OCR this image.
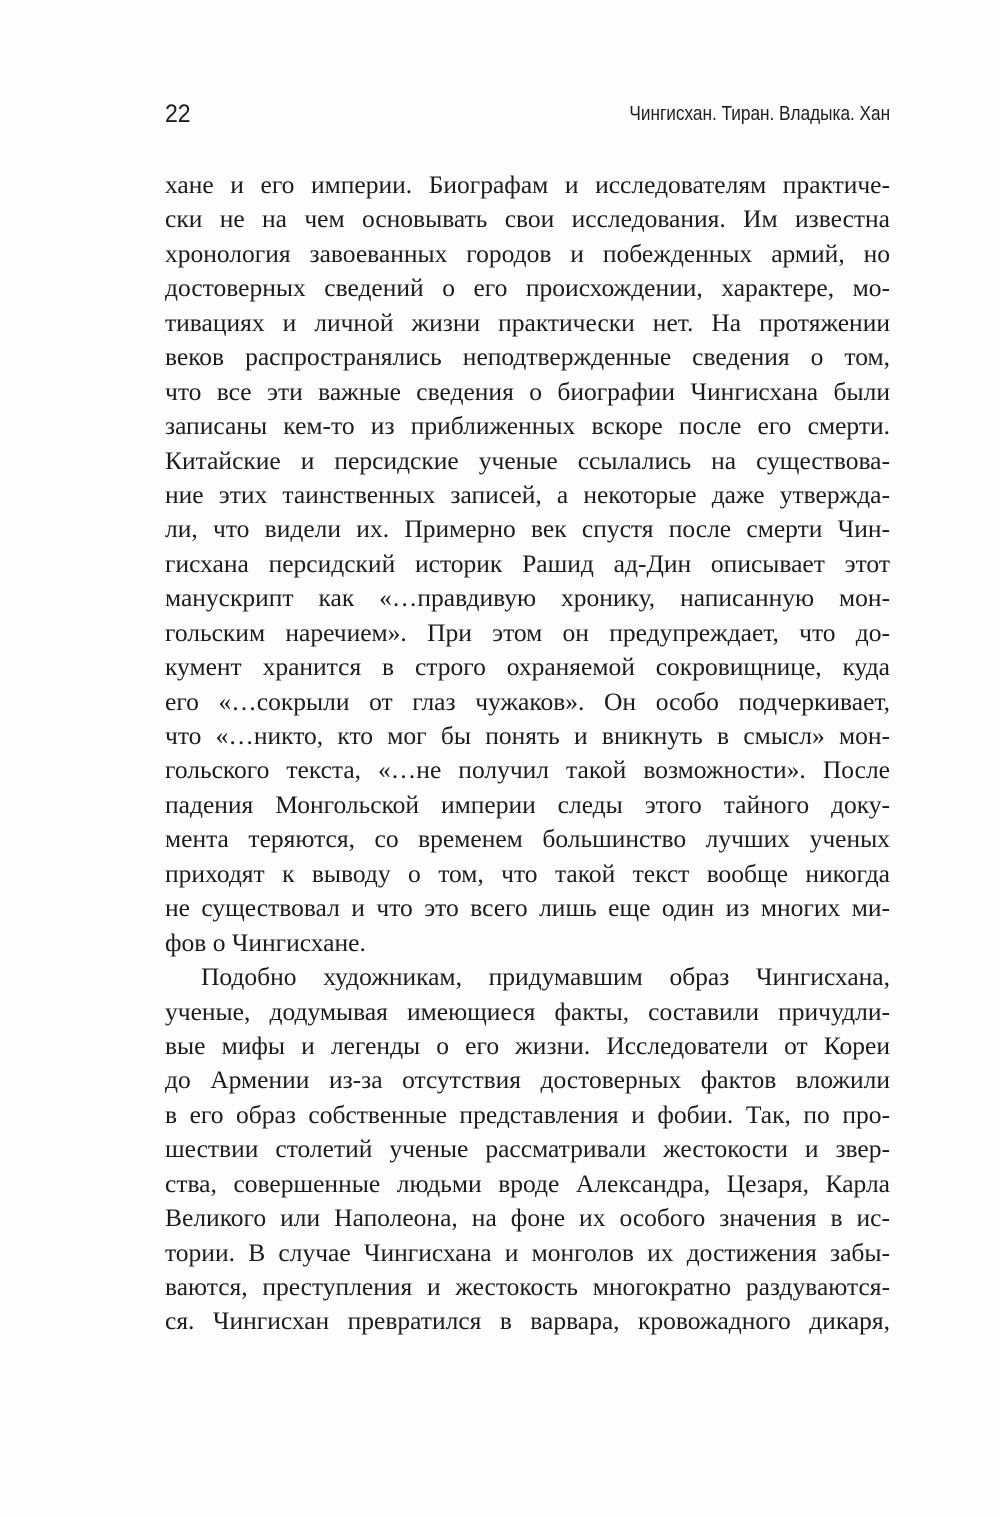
22	Чингисхан. Тиран. Владыка. Хан
хане и его империи. Биографам и исследователям практиче-
ски не на чем основывать свои исследования. Им известна
хронология завоеванных городов и побежденных армий, но
достоверных сведений о его происхождении, характере, мо-
тивациях и личной жизни практически нет. На протяжении
веков распространялись неподтвержденные сведения о том,
что все эти важные сведения о биографии Чингисхана были
записаны кем-то из приближенных вскоре после его смерти.
Китайские и персидские ученые ссылались на существова-
ние этих таинственных записей, а некоторые даже утвержда-
ли, что видели их. Примерно век спустя после смерти Чин-
гисхана персидский историк Рашид ад-Дин описывает этот
манускрипт как «…правдивую хронику, написанную мон-
гольским наречием». При этом он предупреждает, что до-
кумент хранится в строго охраняемой сокровищнице, куда
его «…сокрыли от глаз чужаков». Он особо подчеркивает,
что «…никто, кто мог бы понять и вникнуть в смысл» мон-
гольского текста, «…не получил такой возможности». После
падения Монгольской империи следы этого тайного доку-
мента теряются, со временем большинство лучших ученых
приходят к выводу о том, что такой текст вообще никогда
не существовал и что это всего лишь еще один из многих ми-
фов о Чингисхане.
Подобно художникам, придумавшим образ Чингисхана,
ученые, додумывая имеющиеся факты, составили причудли-
вые мифы и легенды о его жизни. Исследователи от Кореи
до Армении из-за отсутствия достоверных фактов вложили
в его образ собственные представления и фобии. Так, по про-
шествии столетий ученые рассматривали жестокости и звер-
ства, совершенные людьми вроде Александра, Цезаря, Карла
Великого или Наполеона, на фоне их особого значения в ис-
тории. В случае Чингисхана и монголов их достижения забы-
ваются, преступления и жестокость многократно раздуваются-
ся. Чингисхан превратился в варвара, кровожадного дикаря,
